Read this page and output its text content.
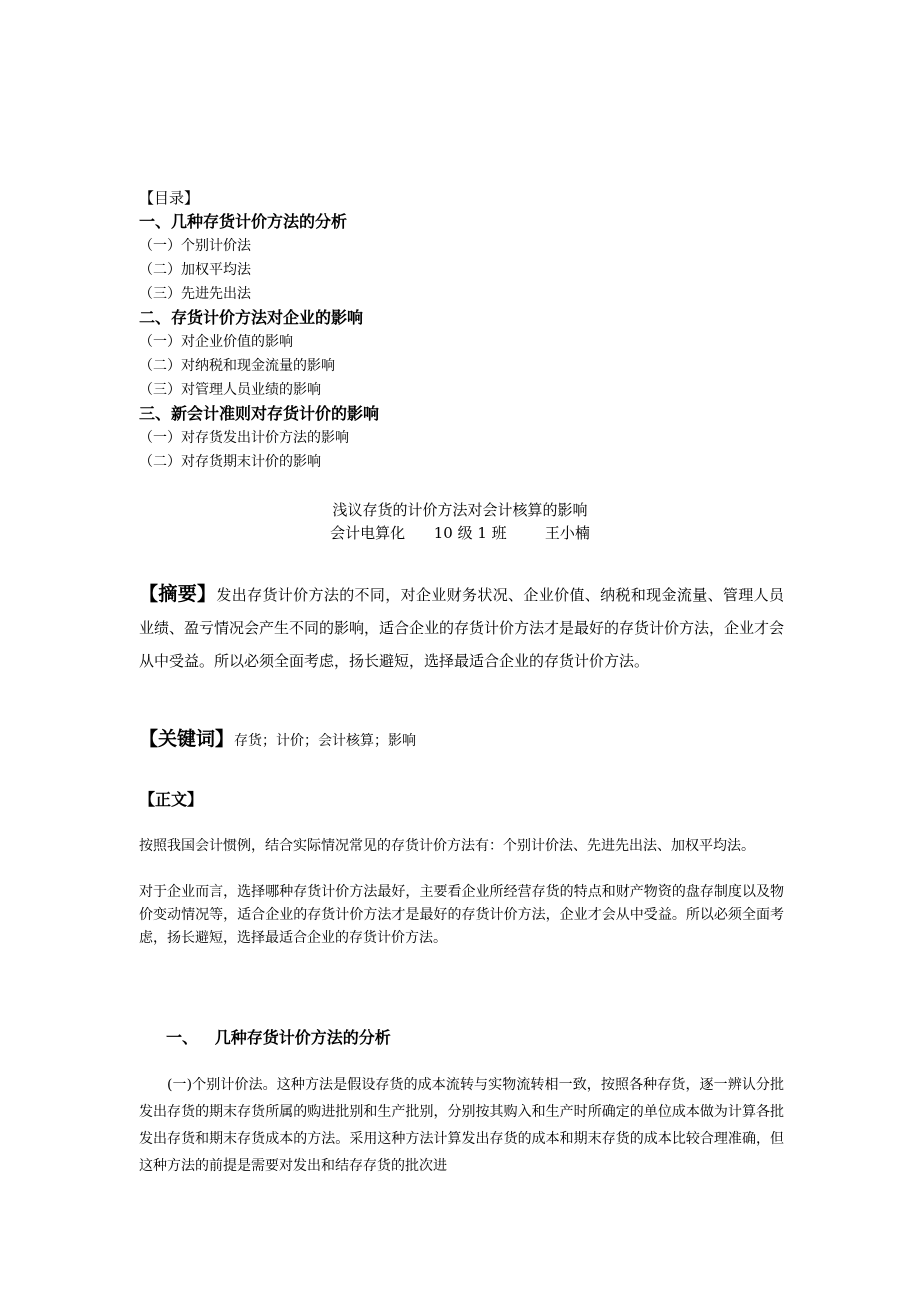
【目录】
一、几种存货计价方法的分析
（一）个别计价法
（二）加权平均法
（三）先进先出法
二、存货计价方法对企业的影响
（一）对企业价值的影响
（二）对纳税和现金流量的影响
（三）对管理人员业绩的影响
三、新会计准则对存货计价的影响
（一）对存货发出计价方法的影响
（二）对存货期末计价的影响
浅议存货的计价方法对会计核算的影响
会计电算化 10 级 1 班	王小楠
【摘要】发出存货计价方法的不同，对企业财务状况、企业价值、纳税和现金流量、管理人员业绩、盈亏情况会产生不同的影响，适合企业的存货计价方法才是最好的存货计价方法，企业才会从中受益。所以必须全面考虑，扬长避短，选择最适合企业的存货计价方法。
【关键词】存货；计价；会计核算；影响
【正文】
按照我国会计惯例，结合实际情况常见的存货计价方法有：个别计价法、先进先出法、加权平均法。
对于企业而言，选择哪种存货计价方法最好，主要看企业所经营存货的特点和财产物资的盘存制度以及物价变动情况等，适合企业的存货计价方法才是最好的存货计价方法，企业才会从中受益。所以必须全面考虑，扬长避短，选择最适合企业的存货计价方法。
一、 几种存货计价方法的分析
(一)个别计价法。这种方法是假设存货的成本流转与实物流转相一致，按照各种存货，逐一辨认分批发出存货的期末存货所属的购进批别和生产批别，分别按其购入和生产时所确定的单位成本做为计算各批发出存货和期末存货成本的方法。采用这种方法计算发出存货的成本和期末存货的成本比较合理准确，但这种方法的前提是需要对发出和结存存货的批次进
